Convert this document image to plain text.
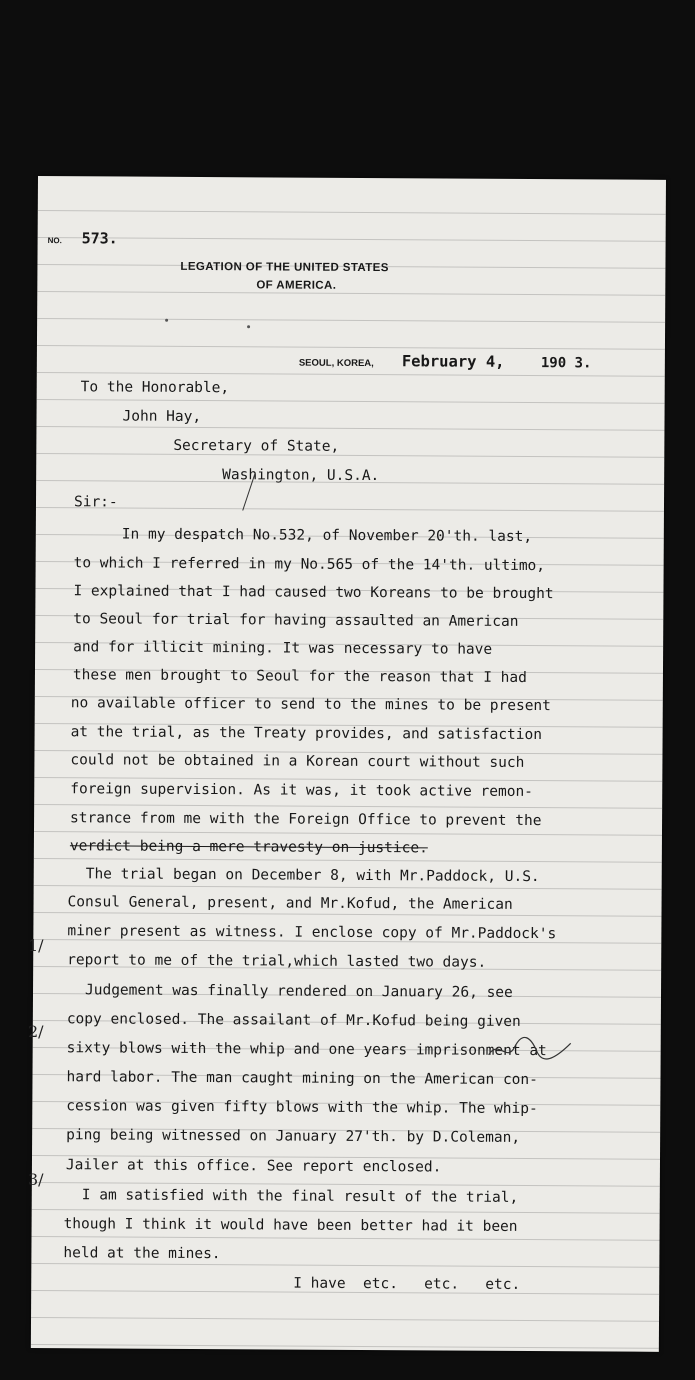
NO. 573.
LEGATION OF THE UNITED STATES
OF AMERICA.
SEOUL, KOREA, February 4,	190 3.
To the Honorable,
John Hay,
Secretary of State,
Washington, U.S.A.
Sir:-
In my despatch No.532, of November 20'th. last,
to which I referred in my No.565 of the 14'th. ultimo,
I explained that I had caused two Koreans to be brought
to Seoul for trial for having assaulted an American
and for illicit mining. It was necessary to have
these men brought to Seoul for the reason that I had
no available officer to send to the mines to be present
at the trial, as the Treaty provides, and satisfaction
could not be obtained in a Korean court without such
foreign supervision. As it was, it took active remon-
strance from me with the Foreign Office to prevent the
verdict being a mere travesty on justice.
The trial began on December 8, with Mr.Paddock, U.S.
Consul General, present, and Mr.Kofud, the American
miner present as witness. I enclose copy of Mr.Paddock's
report to me of the trial,which lasted two days.
Judgement was finally rendered on January 26, see
copy enclosed. The assailant of Mr.Kofud being given
sixty blows with the whip and one years imprisonment at
hard labor. The man caught mining on the American con-
cession was given fifty blows with the whip. The whip-
ping being witnessed on January 27'th. by D.Coleman,
Jailer at this office. See report enclosed.
I am satisfied with the final result of the trial,
though I think it would have been better had it been
held at the mines.
I have  etc.   etc.   etc.
1/
2/
3/
